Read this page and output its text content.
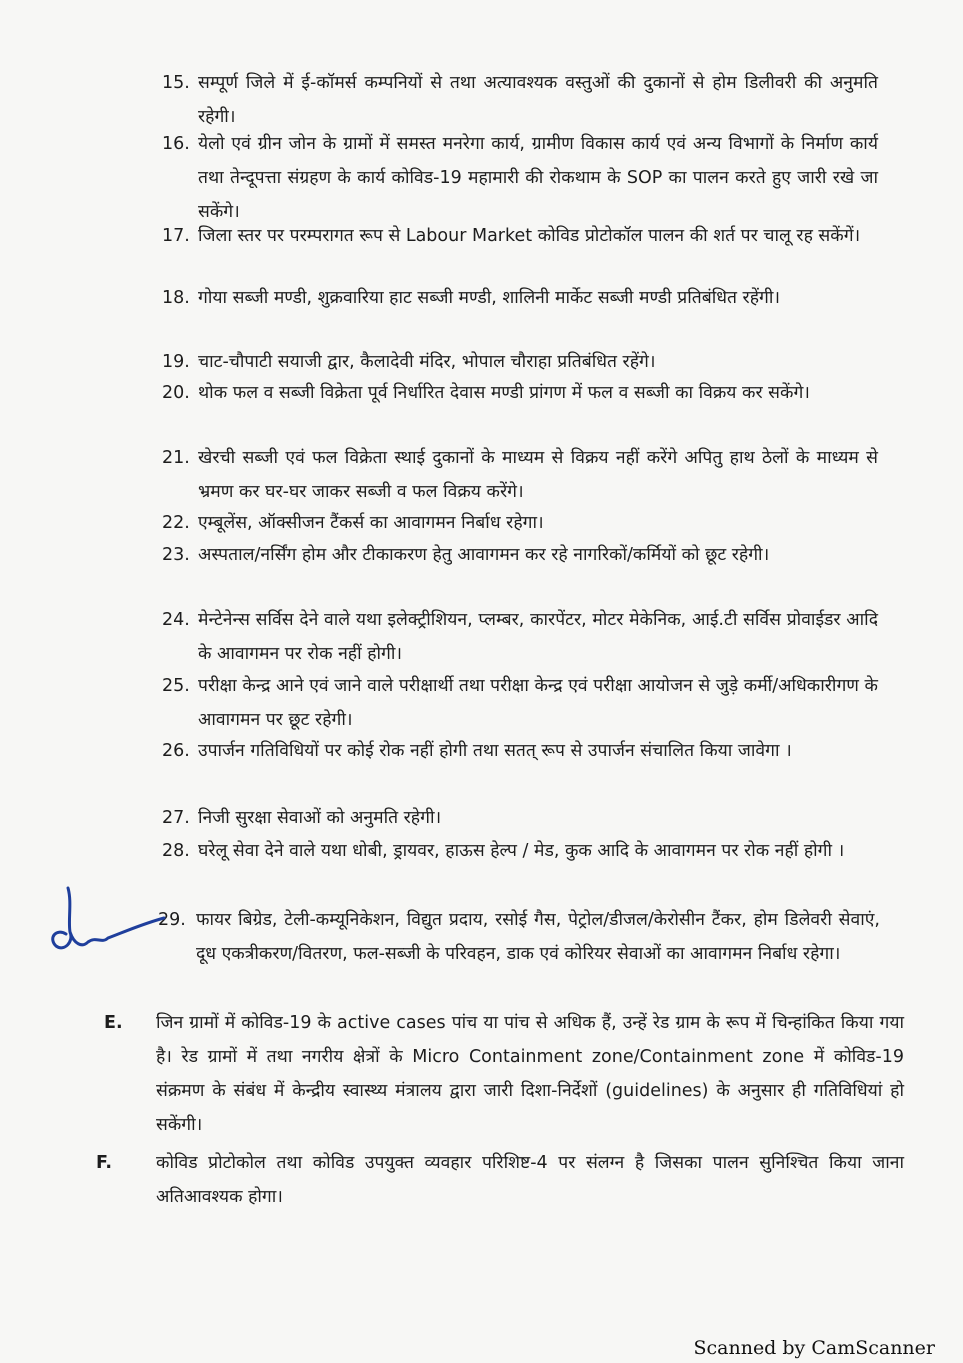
15. सम्पूर्ण जिले में ई-कॉमर्स कम्पनियों से तथा अत्यावश्यक वस्तुओं की दुकानों से होम डिलीवरी की अनुमति रहेगी।
16. येलो एवं ग्रीन जोन के ग्रामों में समस्त मनरेगा कार्य, ग्रामीण विकास कार्य एवं अन्य विभागों के निर्माण कार्य तथा तेन्दूपत्ता संग्रहण के कार्य कोविड-19 महामारी की रोकथाम के SOP का पालन करते हुए जारी रखे जा सकेंगे।
17. जिला स्तर पर परम्परागत रूप से Labour Market कोविड प्रोटोकॉल पालन की शर्त पर चालू रह सकेंगें।
18. गोया सब्जी मण्डी, शुक्रवारिया हाट सब्जी मण्डी, शालिनी मार्केट सब्जी मण्डी प्रतिबंधित रहेंगी।
19. चाट-चौपाटी सयाजी द्वार, कैलादेवी मंदिर, भोपाल चौराहा प्रतिबंधित रहेंगे।
20. थोक फल व सब्जी विक्रेता पूर्व निर्धारित देवास मण्डी प्रांगण में फल व सब्जी का विक्रय कर सकेंगे।
21. खेरची सब्जी एवं फल विक्रेता स्थाई दुकानों के माध्यम से विक्रय नहीं करेंगे अपितु हाथ ठेलों के माध्यम से भ्रमण कर घर-घर जाकर सब्जी व फल विक्रय करेंगे।
22. एम्बूलेंस, ऑक्सीजन टैंकर्स का आवागमन निर्बाध रहेगा।
23. अस्पताल/नर्सिंग होम और टीकाकरण हेतु आवागमन कर रहे नागरिकों/कर्मियों को छूट रहेगी।
24. मेन्टेनेन्स सर्विस देने वाले यथा इलेक्ट्रीशियन, प्लम्बर, कारपेंटर, मोटर मेकेनिक, आई.टी सर्विस प्रोवाईडर आदि के आवागमन पर रोक नहीं होगी।
25. परीक्षा केन्द्र आने एवं जाने वाले परीक्षार्थी तथा परीक्षा केन्द्र एवं परीक्षा आयोजन से जुड़े कर्मी/अधिकारीगण के आवागमन पर छूट रहेगी।
26. उपार्जन गतिविधियों पर कोई रोक नहीं होगी तथा सतत् रूप से उपार्जन संचालित किया जावेगा ।
27. निजी सुरक्षा सेवाओं को अनुमति रहेगी।
28. घरेलू सेवा देने वाले यथा धोबी, ड्रायवर, हाऊस हेल्प / मेड, कुक आदि के आवागमन पर रोक नहीं होगी ।
29. फायर बिग्रेड, टेली-कम्यूनिकेशन, विद्युत प्रदाय, रसोई गैस, पेट्रोल/डीजल/केरोसीन टैंकर, होम डिलेवरी सेवाएं, दूध एकत्रीकरण/वितरण, फल-सब्जी के परिवहन, डाक एवं कोरियर सेवाओं का आवागमन निर्बाध रहेगा।
E. जिन ग्रामों में कोविड-19 के active cases पांच या पांच से अधिक हैं, उन्हें रेड ग्राम के रूप में चिन्हांकित किया गया है। रेड ग्रामों में तथा नगरीय क्षेत्रों के Micro Containment zone/Containment zone में कोविड-19 संक्रमण के संबंध में केन्द्रीय स्वास्थ्य मंत्रालय द्वारा जारी दिशा-निर्देशों (guidelines) के अनुसार ही गतिविधियां हो सकेंगी।
F.	कोविड प्रोटोकोल तथा कोविड उपयुक्त व्यवहार परिशिष्ट-4 पर संलग्न है जिसका पालन सुनिश्चित किया जाना अतिआवश्यक होगा।
Scanned by CamScanner
